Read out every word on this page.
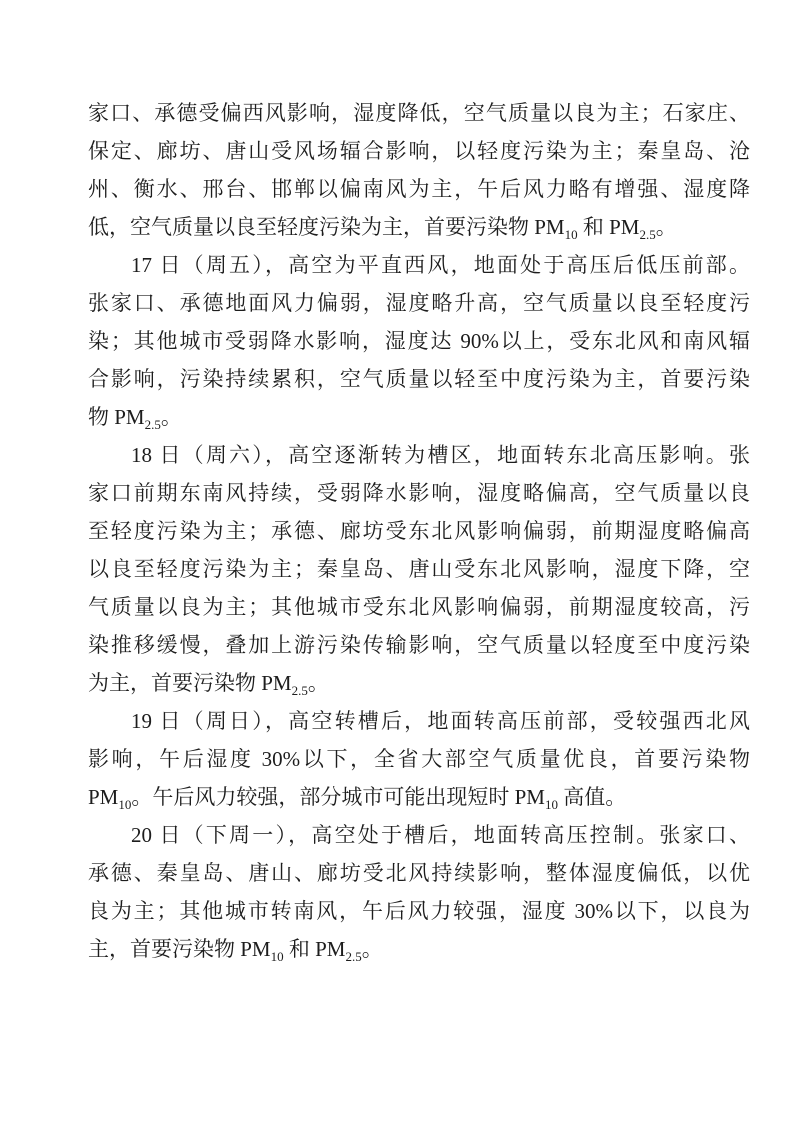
家口、承德受偏西风影响，湿度降低，空气质量以良为主；石家庄、
保定、廊坊、唐山受风场辐合影响，以轻度污染为主；秦皇岛、沧
州、衡水、邢台、邯郸以偏南风为主，午后风力略有增强、湿度降
低，空气质量以良至轻度污染为主，首要污染物 $PM_{10}$ 和 $PM_{2.5}$。
17 日（周五），高空为平直西风，地面处于高压后低压前部。
张家口、承德地面风力偏弱，湿度略升高，空气质量以良至轻度污
染；其他城市受弱降水影响，湿度达 90%以上，受东北风和南风辐
合影响，污染持续累积，空气质量以轻至中度污染为主，首要污染
物 $PM_{2.5}$。
18 日（周六），高空逐渐转为槽区，地面转东北高压影响。张
家口前期东南风持续，受弱降水影响，湿度略偏高，空气质量以良
至轻度污染为主；承德、廊坊受东北风影响偏弱，前期湿度略偏高
以良至轻度污染为主；秦皇岛、唐山受东北风影响，湿度下降，空
气质量以良为主；其他城市受东北风影响偏弱，前期湿度较高，污
染推移缓慢，叠加上游污染传输影响，空气质量以轻度至中度污染
为主，首要污染物 $PM_{2.5}$。
19 日（周日），高空转槽后，地面转高压前部，受较强西北风
影响，午后湿度 30%以下，全省大部空气质量优良，首要污染物
$PM_{10}$。午后风力较强，部分城市可能出现短时 $PM_{10}$ 高值。
20 日（下周一），高空处于槽后，地面转高压控制。张家口、
承德、秦皇岛、唐山、廊坊受北风持续影响，整体湿度偏低，以优
良为主；其他城市转南风，午后风力较强，湿度 30%以下，以良为
主，首要污染物 $PM_{10}$ 和 $PM_{2.5}$。
